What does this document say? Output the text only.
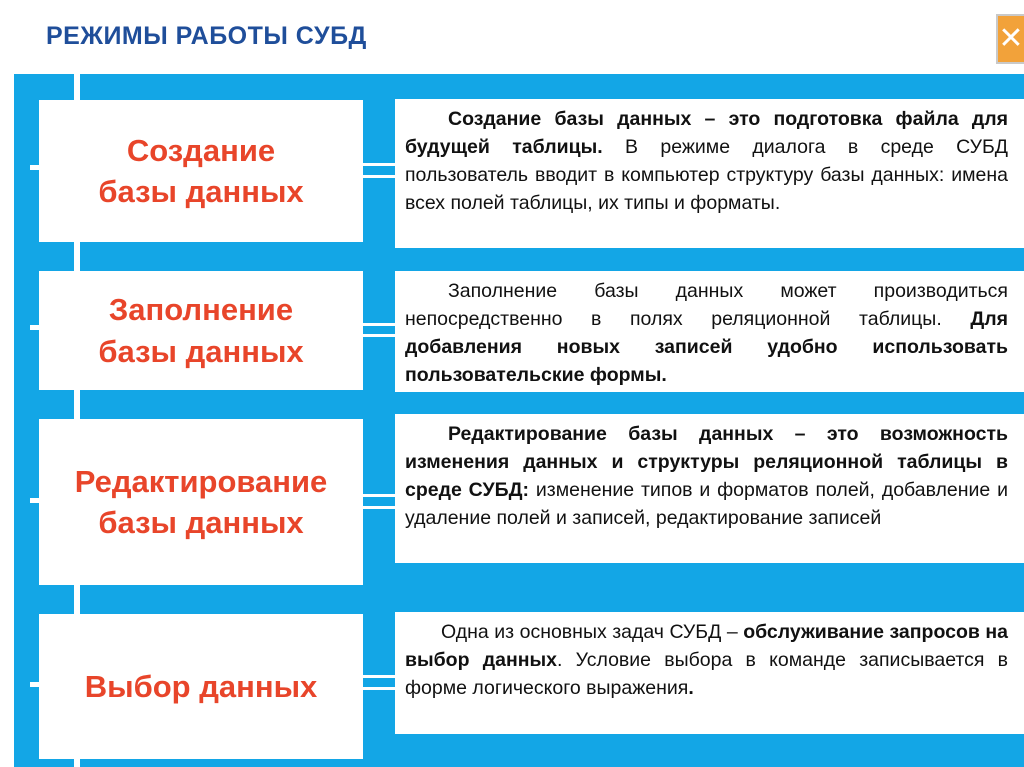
РЕЖИМЫ РАБОТЫ СУБД	✕
Создание
базы данных

Создание базы данных – это подготовка файла для будущей таблицы. В режиме диалога в среде СУБД пользователь вводит в компьютер структуру базы данных: имена всех полей таблицы, их типы и форматы.

Заполнение
базы данных

Заполнение базы данных может производиться непосредственно в полях реляционной таблицы. Для добавления новых записей удобно использовать пользовательские формы.

Редактирование
базы данных

Редактирование базы данных – это возможность изменения данных и структуры реляционной таблицы в среде СУБД: изменение типов и форматов полей, добавление и удаление полей и записей, редактирование записей

Выбор данных

Одна из основных задач СУБД – обслуживание запросов на выбор данных. Условие выбора в команде записывается в форме логического выражения.
